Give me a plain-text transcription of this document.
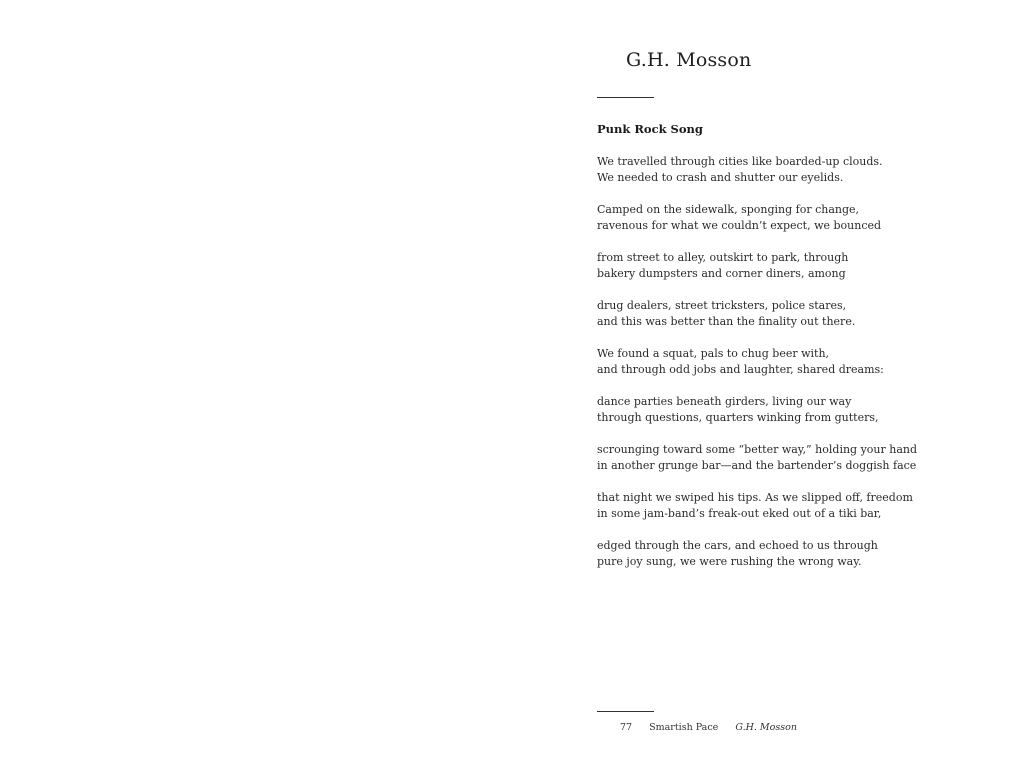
G.H. Mosson
Punk Rock Song
We travelled through cities like boarded-up clouds.
We needed to crash and shutter our eyelids.
Camped on the sidewalk, sponging for change,
ravenous for what we couldn’t expect, we bounced
from street to alley, outskirt to park, through
bakery dumpsters and corner diners, among
drug dealers, street tricksters, police stares,
and this was better than the finality out there.
We found a squat, pals to chug beer with,
and through odd jobs and laughter, shared dreams:
dance parties beneath girders, living our way
through questions, quarters winking from gutters,
scrounging toward some “better way,” holding your hand
in another grunge bar—and the bartender’s doggish face
that night we swiped his tips. As we slipped off, freedom
in some jam-band’s freak-out eked out of a tiki bar,
edged through the cars, and echoed to us through
pure joy sung, we were rushing the wrong way.
77 Smartish Pace G.H. Mosson
